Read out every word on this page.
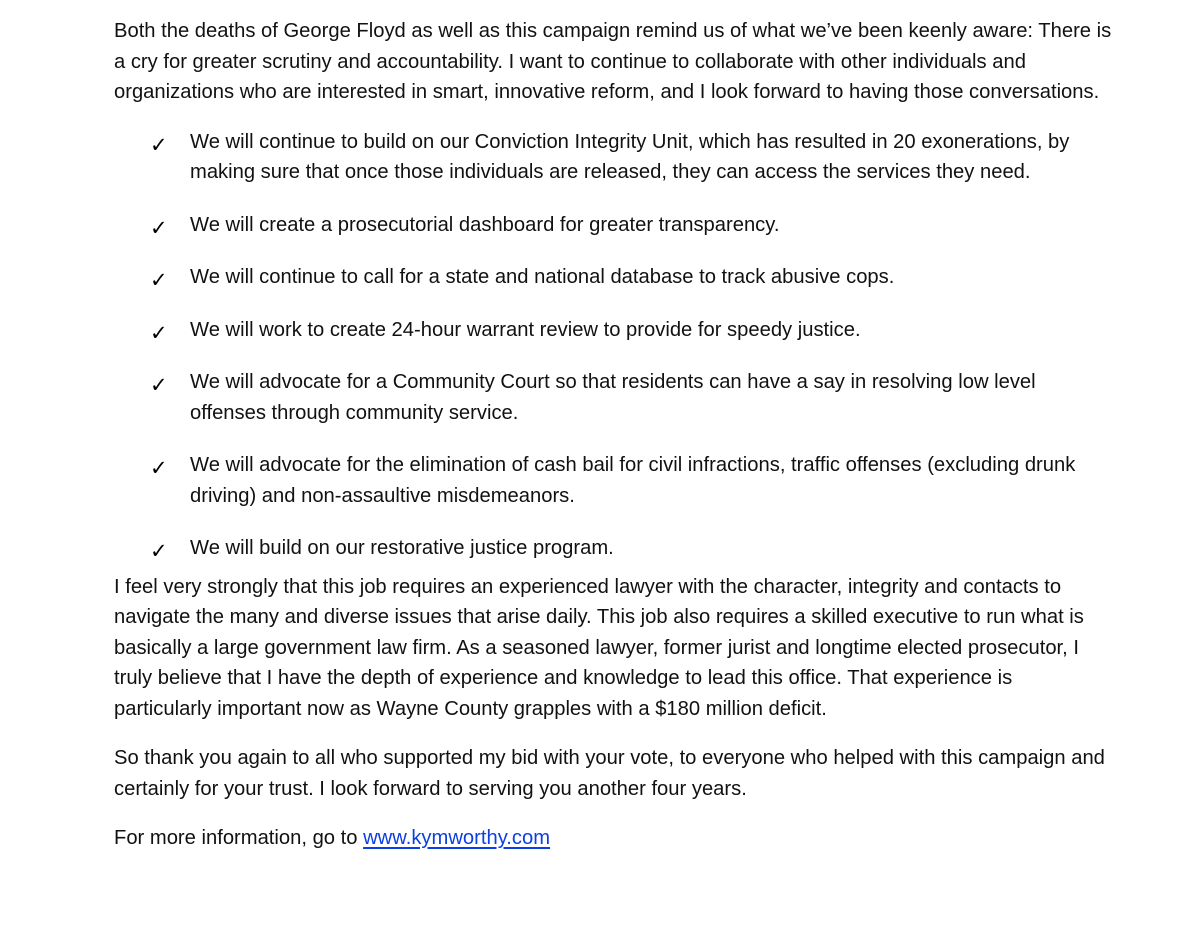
Both the deaths of George Floyd as well as this campaign remind us of what we’ve been keenly aware: There is a cry for greater scrutiny and accountability. I want to continue to collaborate with other individuals and organizations who are interested in smart, innovative reform, and I look forward to having those conversations.

✓ We will continue to build on our Conviction Integrity Unit, which has resulted in 20 exonerations, by making sure that once those individuals are released, they can access the services they need.
✓ We will create a prosecutorial dashboard for greater transparency.
✓ We will continue to call for a state and national database to track abusive cops.
✓ We will work to create 24-hour warrant review to provide for speedy justice.
✓ We will advocate for a Community Court so that residents can have a say in resolving low level offenses through community service.
✓ We will advocate for the elimination of cash bail for civil infractions, traffic offenses (excluding drunk driving) and non-assaultive misdemeanors.
✓ We will build on our restorative justice program.

I feel very strongly that this job requires an experienced lawyer with the character, integrity and contacts to navigate the many and diverse issues that arise daily. This job also requires a skilled executive to run what is basically a large government law firm. As a seasoned lawyer, former jurist and longtime elected prosecutor, I truly believe that I have the depth of experience and knowledge to lead this office. That experience is particularly important now as Wayne County grapples with a $180 million deficit.

So thank you again to all who supported my bid with your vote, to everyone who helped with this campaign and certainly for your trust. I look forward to serving you another four years.

For more information, go to www.kymworthy.com
